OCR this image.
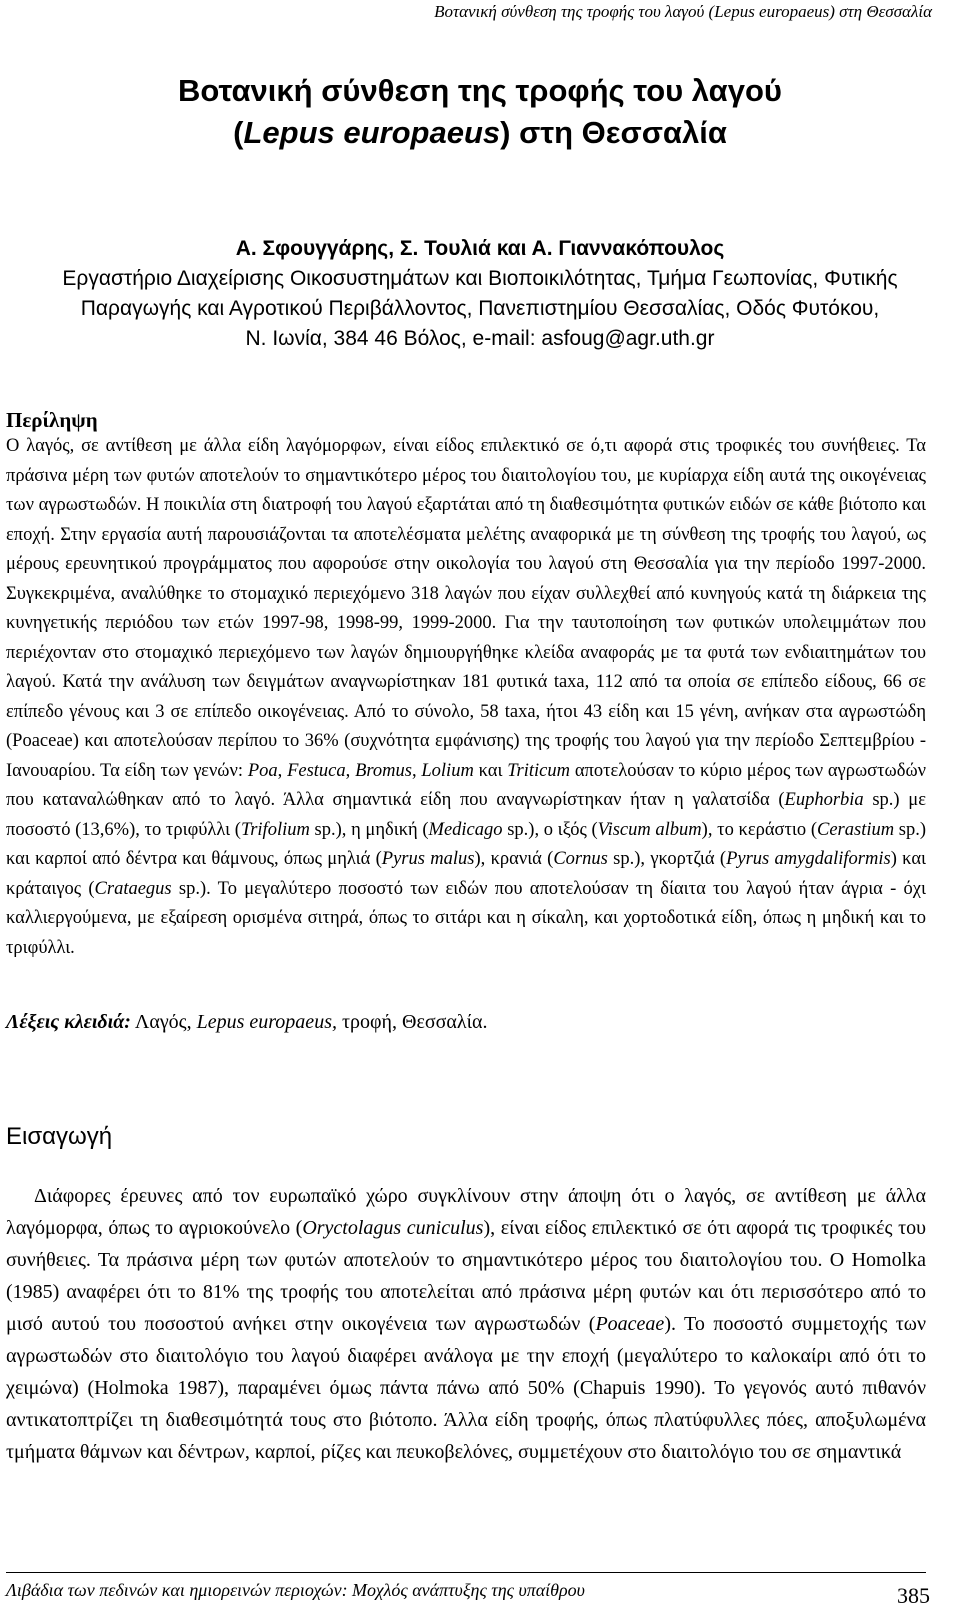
Βοτανική σύνθεση της τροφής του λαγού (Lepus europaeus) στη Θεσσαλία
Βοτανική σύνθεση της τροφής του λαγού
(Lepus europaeus) στη Θεσσαλία
Α. Σφουγγάρης, Σ. Τουλιά και Α. Γιαννακόπουλος
Εργαστήριο Διαχείρισης Οικοσυστημάτων και Βιοποικιλότητας, Τμήμα Γεωπονίας, Φυτικής
Παραγωγής και Αγροτικού Περιβάλλοντος, Πανεπιστημίου Θεσσαλίας, Οδός Φυτόκου,
Ν. Ιωνία, 384 46 Βόλος, e-mail: asfoug@agr.uth.gr
Περίληψη

Ο λαγός, σε αντίθεση με άλλα είδη λαγόμορφων, είναι είδος επιλεκτικό σε ό,τι αφορά στις τροφικές του συνήθειες. Τα πράσινα μέρη των φυτών αποτελούν το σημαντικότερο μέρος του διαιτολογίου του, με κυρίαρχα είδη αυτά της οικογένειας των αγρωστωδών. Η ποικιλία στη διατροφή του λαγού εξαρτάται από τη διαθεσιμότητα φυτικών ειδών σε κάθε βιότοπο και εποχή. Στην εργασία αυτή παρουσιάζονται τα αποτελέσματα μελέτης αναφορικά με τη σύνθεση της τροφής του λαγού, ως μέρους ερευνητικού προγράμματος που αφορούσε στην οικολογία του λαγού στη Θεσσαλία για την περίοδο 1997-2000. Συγκεκριμένα, αναλύθηκε το στομαχικό περιεχόμενο 318 λαγών που είχαν συλλεχθεί από κυνηγούς κατά τη διάρκεια της κυνηγετικής περιόδου των ετών 1997-98, 1998-99, 1999-2000. Για την ταυτοποίηση των φυτικών υπολειμμάτων που περιέχονταν στο στομαχικό περιεχόμενο των λαγών δημιουργήθηκε κλείδα αναφοράς με τα φυτά των ενδιαιτημάτων του λαγού. Κατά την ανάλυση των δειγμάτων αναγνωρίστηκαν 181 φυτικά taxa, 112 από τα οποία σε επίπεδο είδους, 66 σε επίπεδο γένους και 3 σε επίπεδο οικογένειας. Από το σύνολο, 58 taxa, ήτοι 43 είδη και 15 γένη, ανήκαν στα αγρωστώδη (Poaceae) και αποτελούσαν περίπου το 36% (συχνότητα εμφάνισης) της τροφής του λαγού για την περίοδο Σεπτεμβρίου - Ιανουαρίου. Τα είδη των γενών: Poa, Festuca, Bromus, Lolium και Triticum αποτελούσαν το κύριο μέρος των αγρωστωδών που καταναλώθηκαν από το λαγό. Άλλα σημαντικά είδη που αναγνωρίστηκαν ήταν η γαλατσίδα (Euphorbia sp.) με ποσοστό (13,6%), το τριφύλλι (Trifolium sp.), η μηδική (Medicago sp.), ο ιξός (Viscum album), το κεράστιο (Cerastium sp.) και καρποί από δέντρα και θάμνους, όπως μηλιά (Pyrus malus), κρανιά (Cornus sp.), γκορτζιά (Pyrus amygdaliformis) και κράταιγος (Crataegus sp.). Το μεγαλύτερο ποσοστό των ειδών που αποτελούσαν τη δίαιτα του λαγού ήταν άγρια - όχι καλλιεργούμενα, με εξαίρεση ορισμένα σιτηρά, όπως το σιτάρι και η σίκαλη, και χορτοδοτικά είδη, όπως η μηδική και το τριφύλλι.

Λέξεις κλειδιά: Λαγός, Lepus europaeus, τροφή, Θεσσαλία.
Εισαγωγή

Διάφορες έρευνες από τον ευρωπαϊκό χώρο συγκλίνουν στην άποψη ότι ο λαγός, σε αντίθεση με άλλα λαγόμορφα, όπως το αγριοκούνελο (Oryctolagus cuniculus), είναι είδος επιλεκτικό σε ότι αφορά τις τροφικές του συνήθειες. Τα πράσινα μέρη των φυτών αποτελούν το σημαντικότερο μέρος του διαιτολογίου του. Ο Homolka (1985) αναφέρει ότι το 81% της τροφής του αποτελείται από πράσινα μέρη φυτών και ότι περισσότερο από το μισό αυτού του ποσοστού ανήκει στην οικογένεια των αγρωστωδών (Poaceae). Το ποσοστό συμμετοχής των αγρωστωδών στο διαιτολόγιο του λαγού διαφέρει ανάλογα με την εποχή (μεγαλύτερο το καλοκαίρι από ότι το χειμώνα) (Holmoka 1987), παραμένει όμως πάντα πάνω από 50% (Chapuis 1990). Το γεγονός αυτό πιθανόν αντικατοπτρίζει τη διαθεσιμότητά τους στο βιότοπο. Άλλα είδη τροφής, όπως πλατύφυλλες πόες, αποξυλωμένα τμήματα θάμνων και δέντρων, καρποί, ρίζες και πευκοβελόνες, συμμετέχουν στο διαιτολόγιο του σε σημαντικά

Λιβάδια των πεδινών και ημιορεινών περιοχών: Μοχλός ανάπτυξης της υπαίθρου	385
